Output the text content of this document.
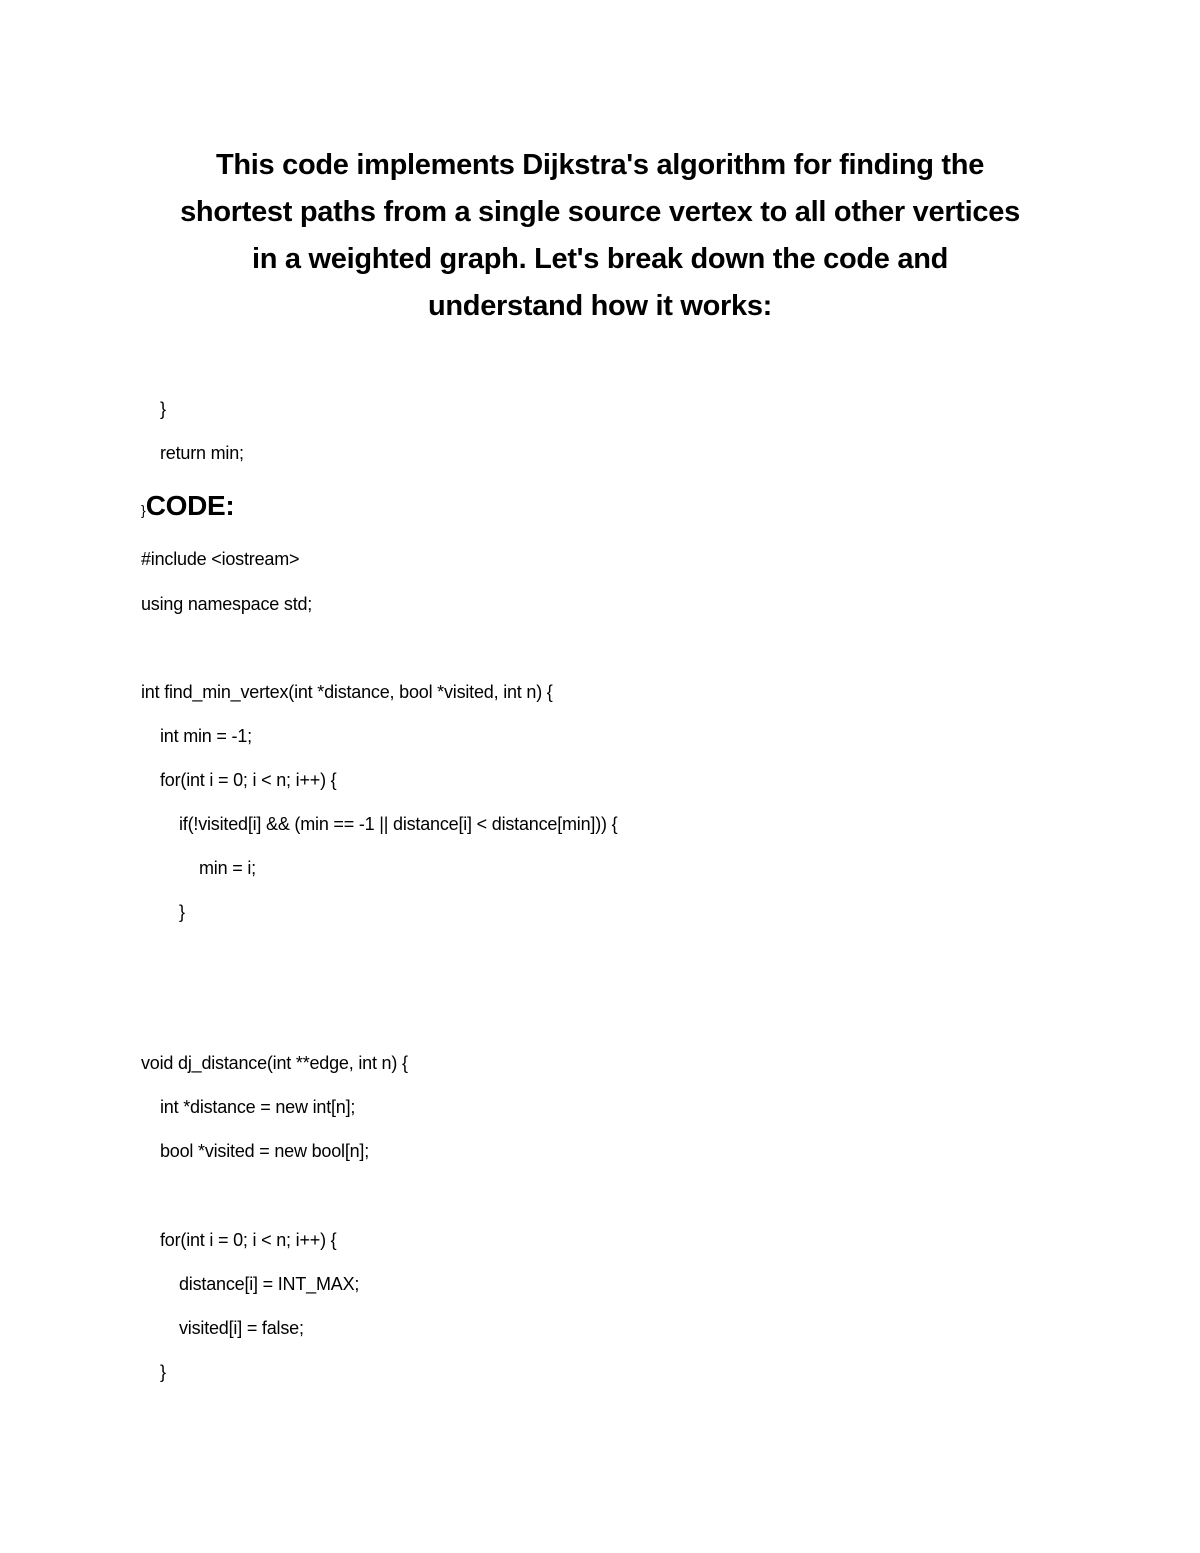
This code implements Dijkstra's algorithm for finding the
shortest paths from a single source vertex to all other vertices
in a weighted graph. Let's break down the code and
understand how it works:

}

return min;

}CODE:

#include <iostream>

using namespace std;

int find_min_vertex(int *distance, bool *visited, int n) {

int min = -1;

for(int i = 0; i < n; i++) {

if(!visited[i] && (min == -1 || distance[i] < distance[min])) {

min = i;

}

void dj_distance(int **edge, int n) {

int *distance = new int[n];

bool *visited = new bool[n];

for(int i = 0; i < n; i++) {

distance[i] = INT_MAX;

visited[i] = false;

}
